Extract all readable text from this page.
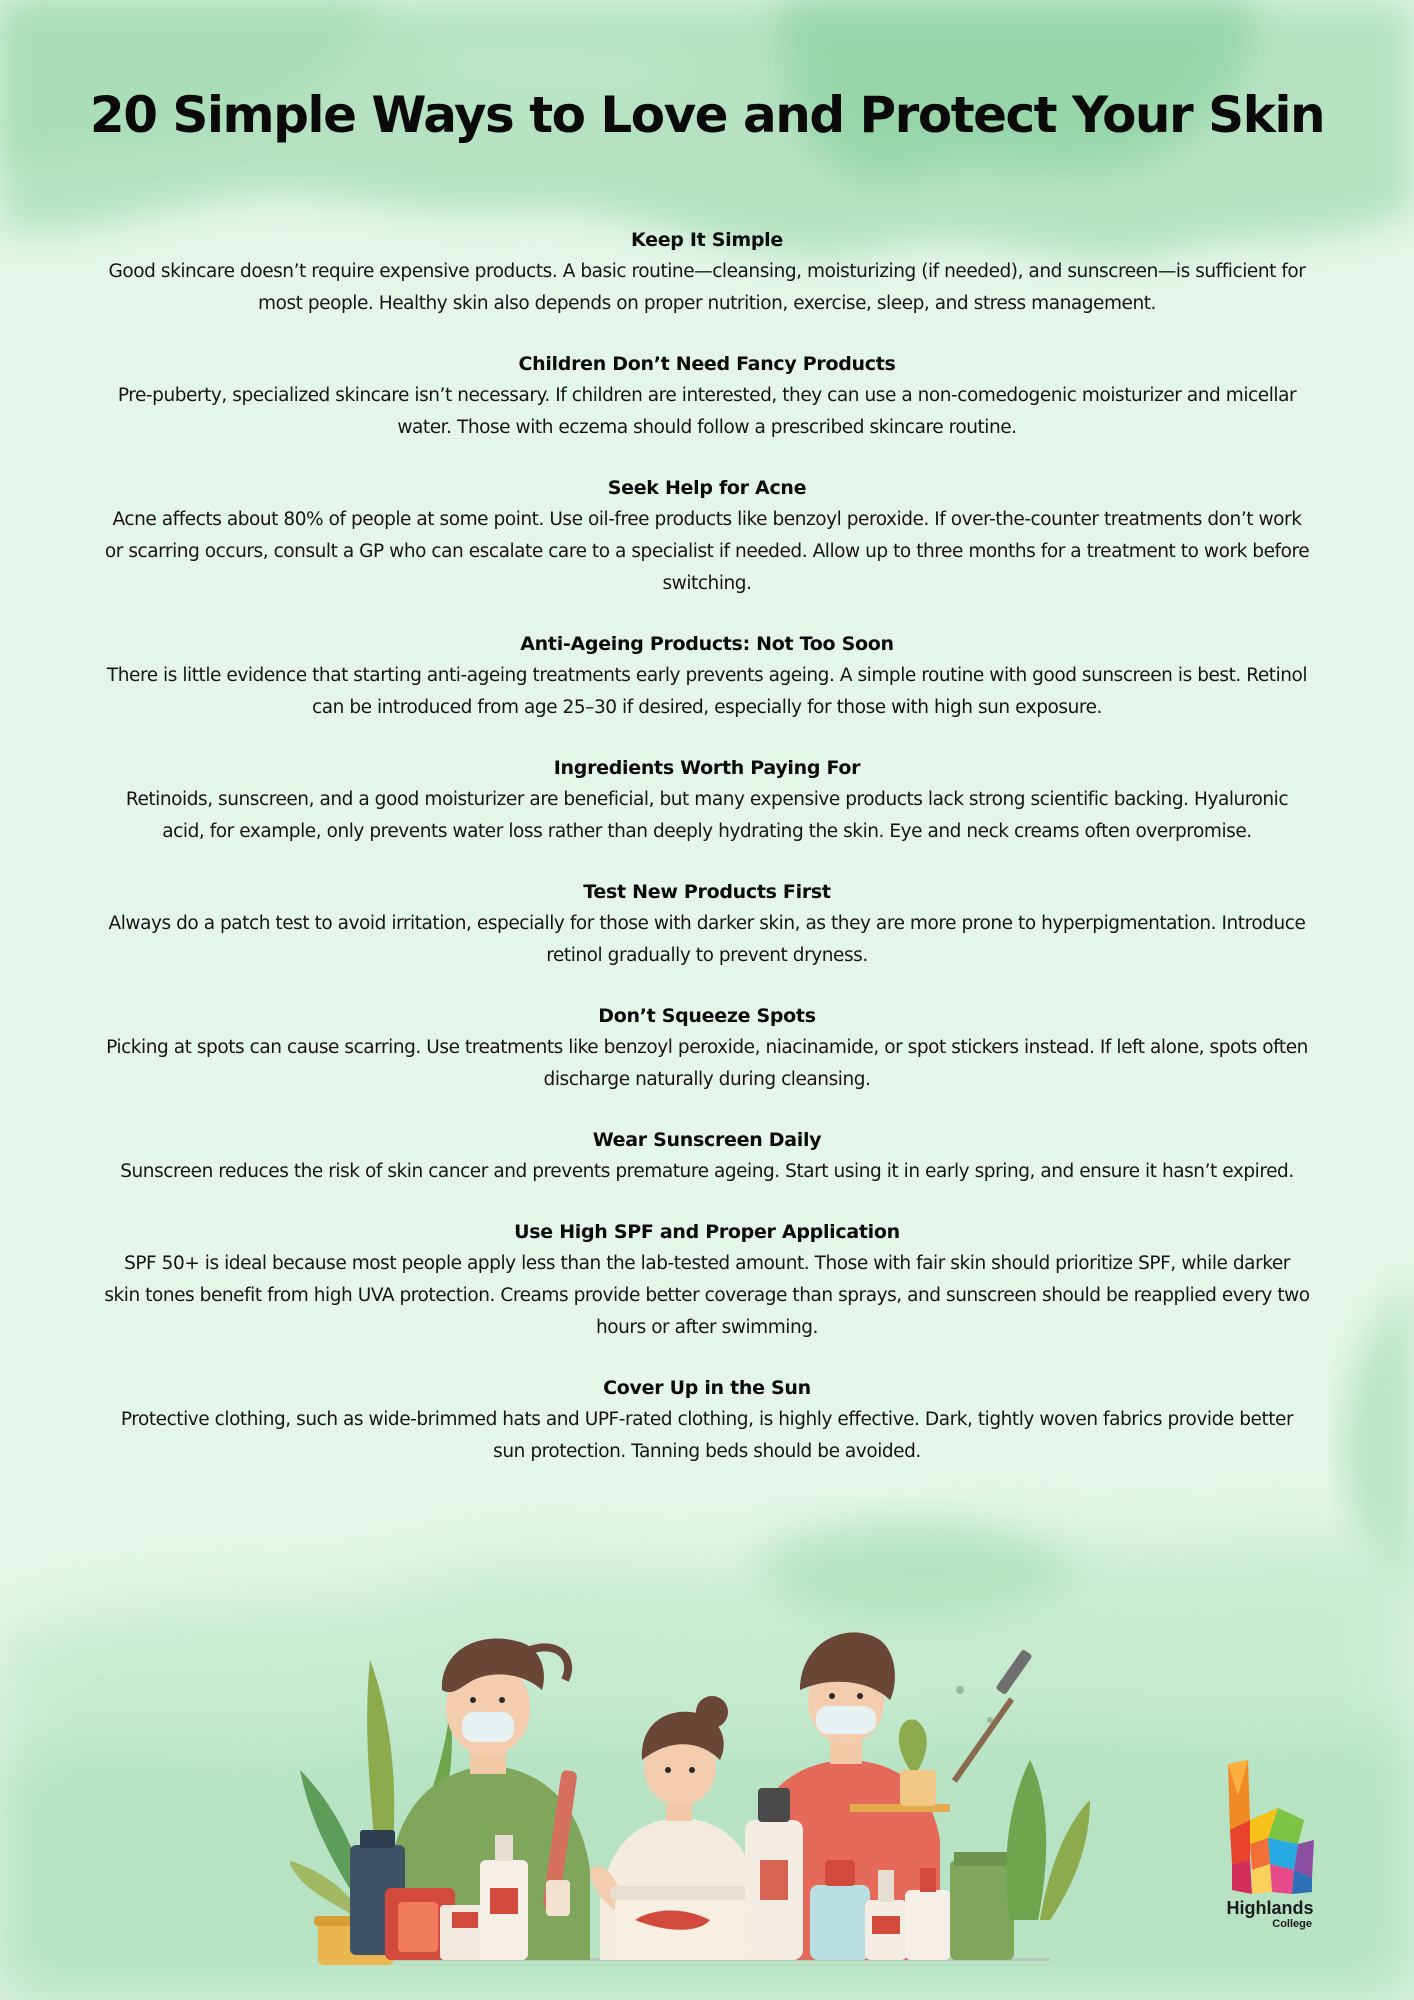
20 Simple Ways to Love and Protect Your Skin
Keep It Simple
Good skincare doesn’t require expensive products. A basic routine—cleansing, moisturizing (if needed), and sunscreen—is sufficient for most people. Healthy skin also depends on proper nutrition, exercise, sleep, and stress management.
Children Don’t Need Fancy Products
Pre-puberty, specialized skincare isn’t necessary. If children are interested, they can use a non-comedogenic moisturizer and micellar water. Those with eczema should follow a prescribed skincare routine.
Seek Help for Acne
Acne affects about 80% of people at some point. Use oil-free products like benzoyl peroxide. If over-the-counter treatments don’t work or scarring occurs, consult a GP who can escalate care to a specialist if needed. Allow up to three months for a treatment to work before switching.
Anti-Ageing Products: Not Too Soon
There is little evidence that starting anti-ageing treatments early prevents ageing. A simple routine with good sunscreen is best. Retinol can be introduced from age 25–30 if desired, especially for those with high sun exposure.
Ingredients Worth Paying For
Retinoids, sunscreen, and a good moisturizer are beneficial, but many expensive products lack strong scientific backing. Hyaluronic acid, for example, only prevents water loss rather than deeply hydrating the skin. Eye and neck creams often overpromise.
Test New Products First
Always do a patch test to avoid irritation, especially for those with darker skin, as they are more prone to hyperpigmentation. Introduce retinol gradually to prevent dryness.
Don’t Squeeze Spots
Picking at spots can cause scarring. Use treatments like benzoyl peroxide, niacinamide, or spot stickers instead. If left alone, spots often discharge naturally during cleansing.
Wear Sunscreen Daily
Sunscreen reduces the risk of skin cancer and prevents premature ageing. Start using it in early spring, and ensure it hasn’t expired.
Use High SPF and Proper Application
SPF 50+ is ideal because most people apply less than the lab-tested amount. Those with fair skin should prioritize SPF, while darker skin tones benefit from high UVA protection. Creams provide better coverage than sprays, and sunscreen should be reapplied every two hours or after swimming.
Cover Up in the Sun
Protective clothing, such as wide-brimmed hats and UPF-rated clothing, is highly effective. Dark, tightly woven fabrics provide better sun protection. Tanning beds should be avoided.
Highlands
College
